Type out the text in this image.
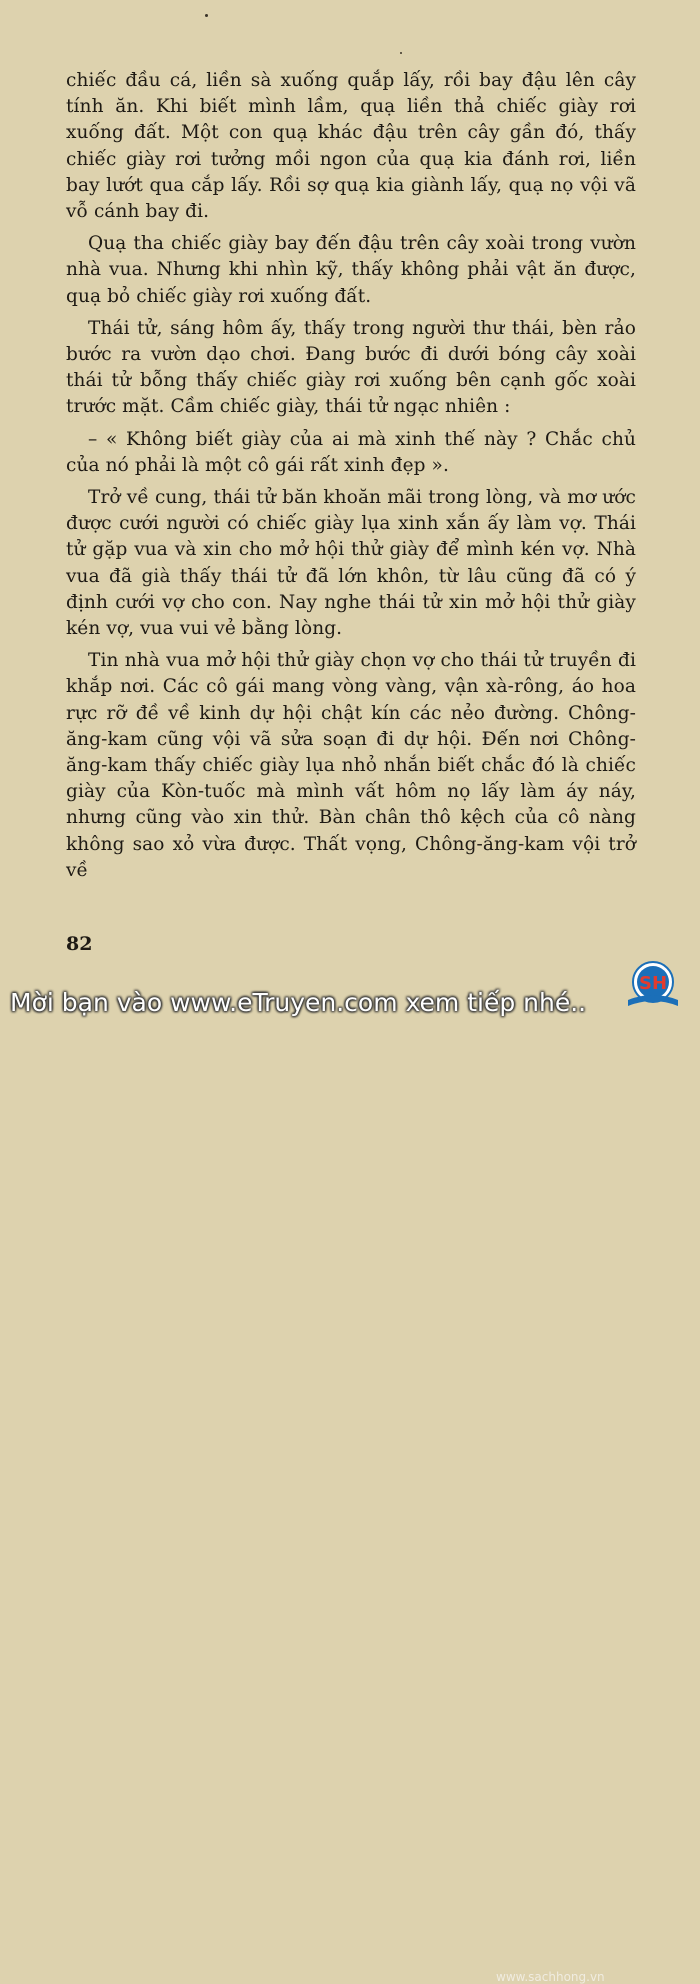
chiếc đầu cá, liền sà xuống quắp lấy, rồi bay đậu lên cây tính ăn. Khi biết mình lầm, quạ liền thả chiếc giày rơi xuống đất. Một con quạ khác đậu trên cây gần đó, thấy chiếc giày rơi tưởng mồi ngon của quạ kia đánh rơi, liền bay lướt qua cắp lấy. Rồi sợ quạ kia giành lấy, quạ nọ vội vã vỗ cánh bay đi.

Quạ tha chiếc giày bay đến đậu trên cây xoài trong vườn nhà vua. Nhưng khi nhìn kỹ, thấy không phải vật ăn được, quạ bỏ chiếc giày rơi xuống đất.

Thái tử, sáng hôm ấy, thấy trong người thư thái, bèn rảo bước ra vườn dạo chơi. Đang bước đi dưới bóng cây xoài thái tử bỗng thấy chiếc giày rơi xuống bên cạnh gốc xoài trước mặt. Cầm chiếc giày, thái tử ngạc nhiên :

– « Không biết giày của ai mà xinh thế này ? Chắc chủ của nó phải là một cô gái rất xinh đẹp ».

Trở về cung, thái tử băn khoăn mãi trong lòng, và mơ ước được cưới người có chiếc giày lụa xinh xắn ấy làm vợ. Thái tử gặp vua và xin cho mở hội thử giày để mình kén vợ. Nhà vua đã già thấy thái tử đã lớn khôn, từ lâu cũng đã có ý định cưới vợ cho con. Nay nghe thái tử xin mở hội thử giày kén vợ, vua vui vẻ bằng lòng.

Tin nhà vua mở hội thử giày chọn vợ cho thái tử truyền đi khắp nơi. Các cô gái mang vòng vàng, vận xà-rông, áo hoa rực rỡ đề về kinh dự hội chật kín các nẻo đường. Chông-ăng-kam cũng vội vã sửa soạn đi dự hội. Đến nơi Chông-ăng-kam thấy chiếc giày lụa nhỏ nhắn biết chắc đó là chiếc giày của Kòn-tuốc mà mình vất hôm nọ lấy làm áy náy, nhưng cũng vào xin thử. Bàn chân thô kệch của cô nàng không sao xỏ vừa được. Thất vọng, Chông-ăng-kam vội trở về

82
Mời bạn vào www.eTruyen.com xem tiếp nhé..
www.sachhong.vn
SH
